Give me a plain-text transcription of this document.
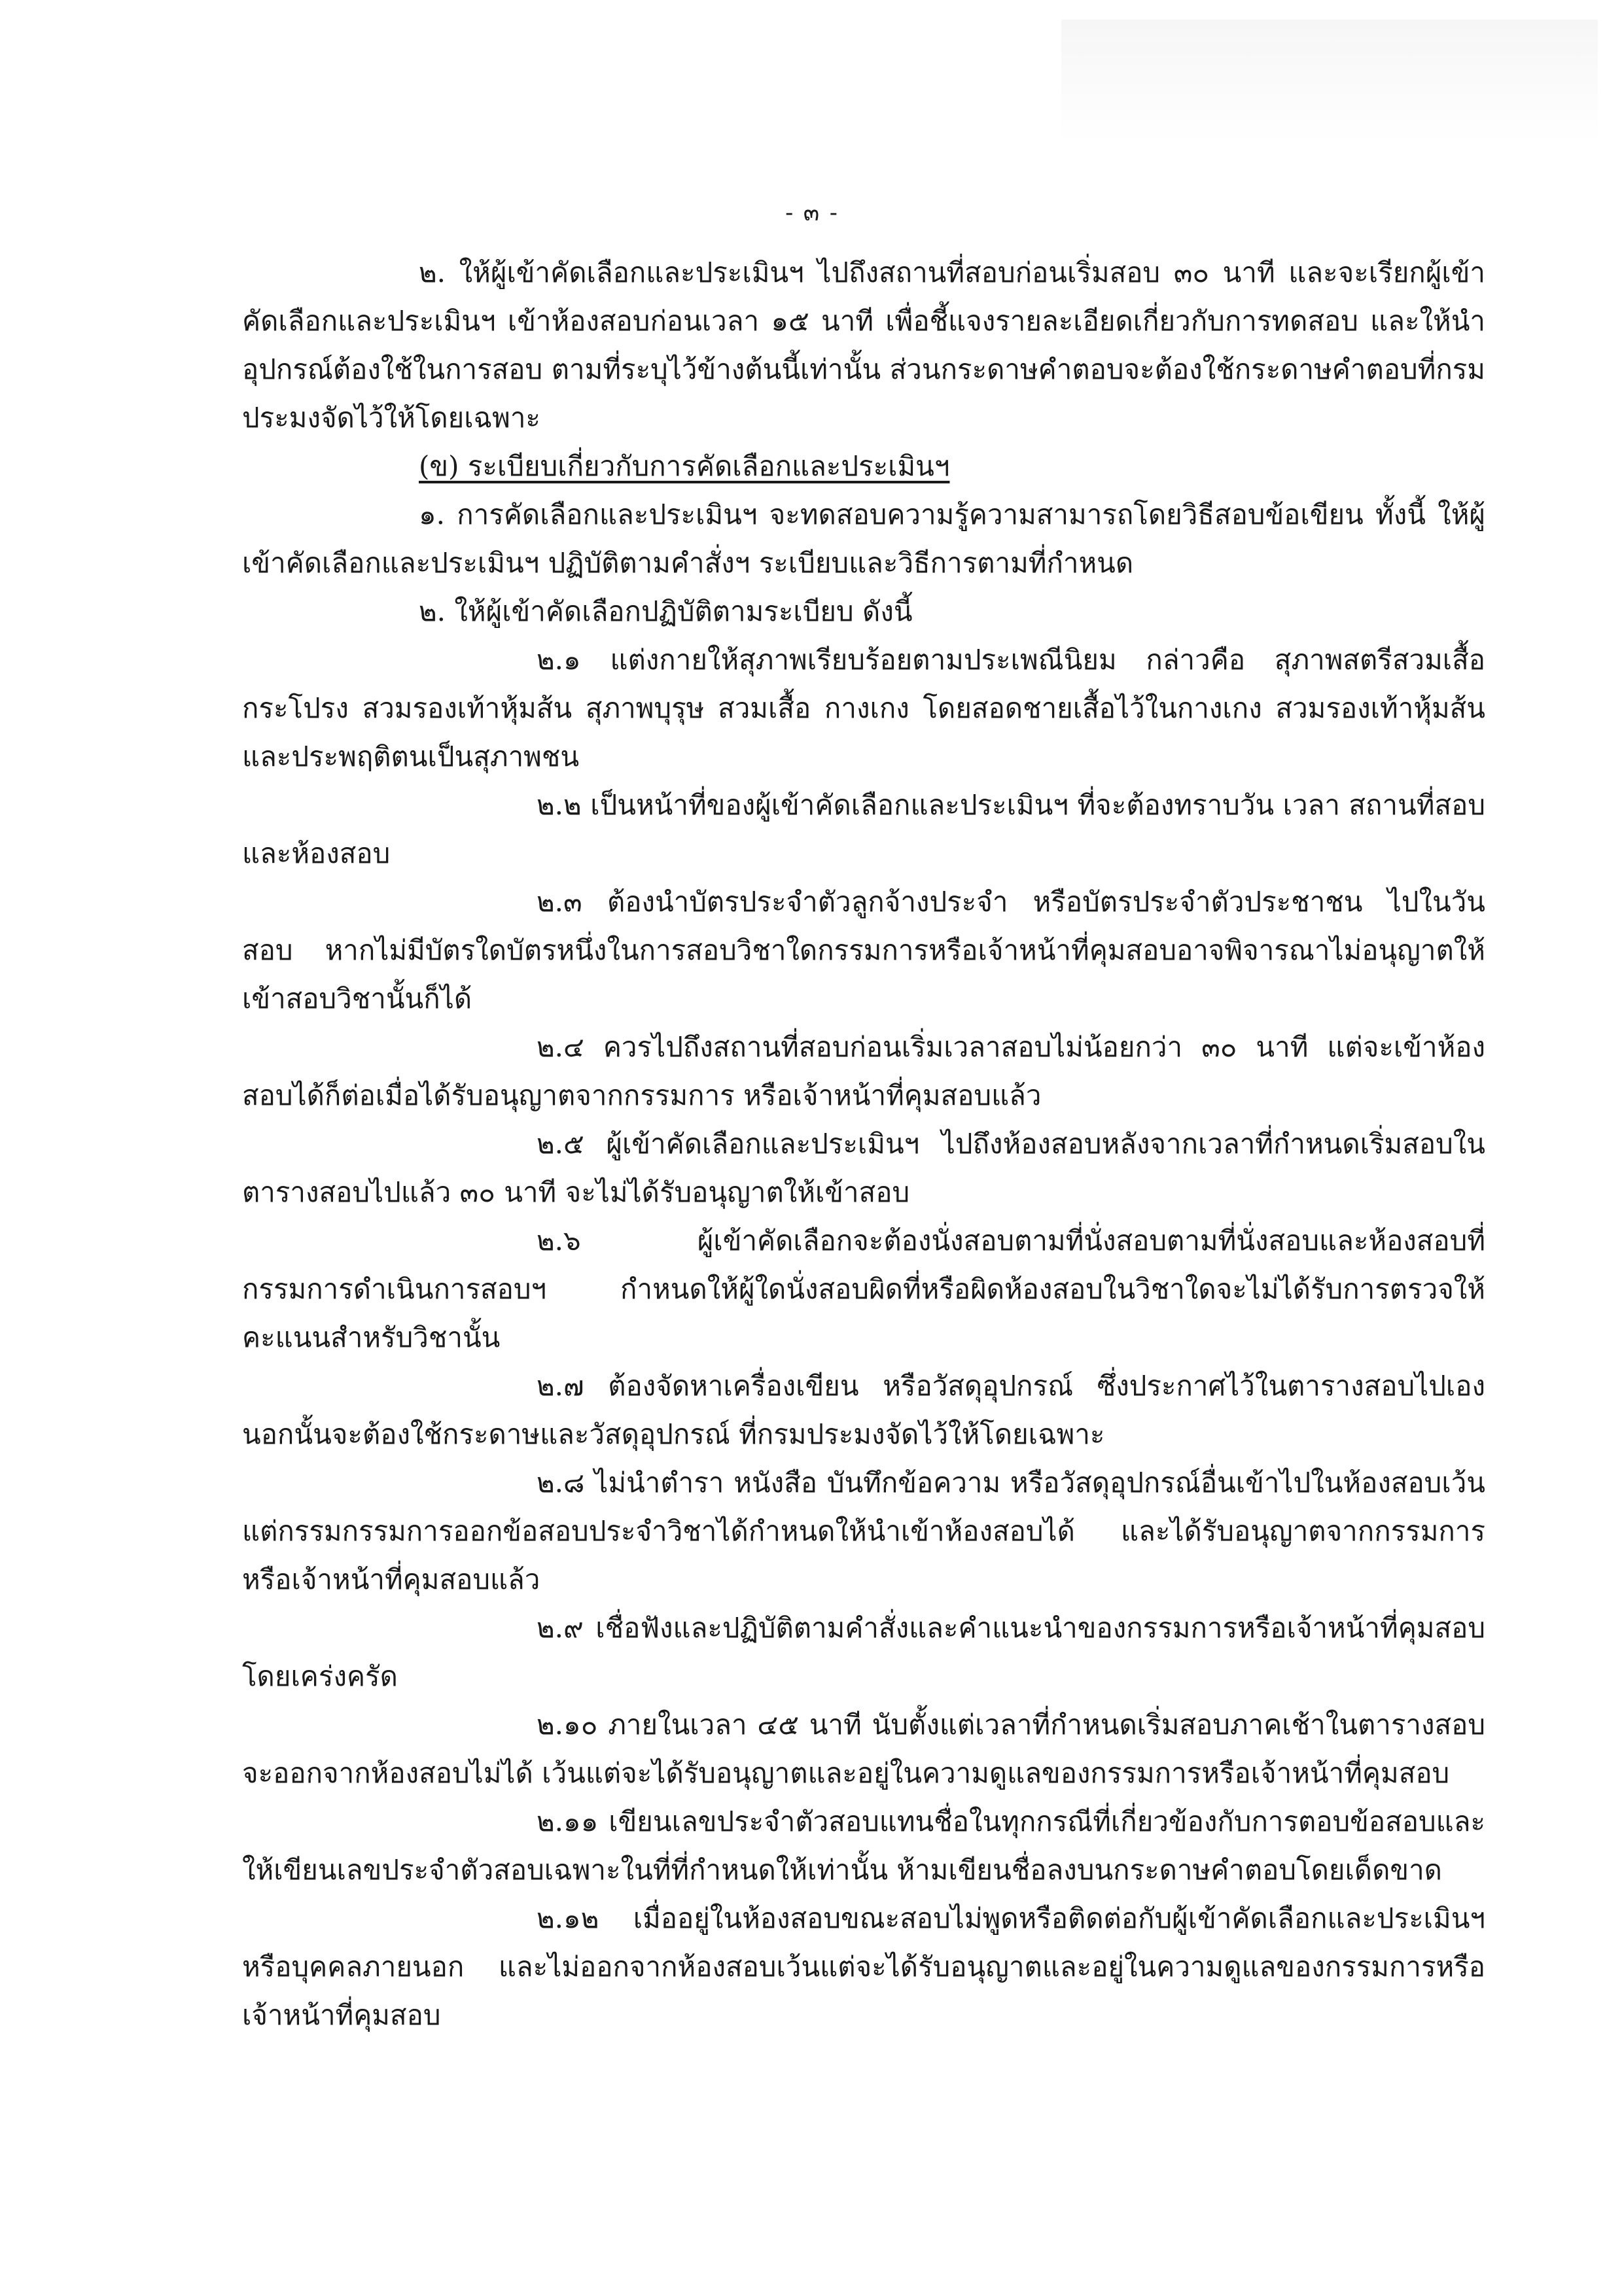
- ๓ -

๒. ให้ผู้เข้าคัดเลือกและประเมินฯ ไปถึงสถานที่สอบก่อนเริ่มสอบ ๓๐ นาที และจะเรียกผู้เข้าคัดเลือกและประเมินฯ เข้าห้องสอบก่อนเวลา ๑๕ นาที เพื่อชี้แจงรายละเอียดเกี่ยวกับการทดสอบ และให้นำอุปกรณ์ต้องใช้ในการสอบ ตามที่ระบุไว้ข้างต้นนี้เท่านั้น ส่วนกระดาษคำตอบจะต้องใช้กระดาษคำตอบที่กรมประมงจัดไว้ให้โดยเฉพาะ

(ข) ระเบียบเกี่ยวกับการคัดเลือกและประเมินฯ

๑. การคัดเลือกและประเมินฯ จะทดสอบความรู้ความสามารถโดยวิธีสอบข้อเขียน ทั้งนี้ ให้ผู้เข้าคัดเลือกและประเมินฯ ปฏิบัติตามคำสั่งฯ ระเบียบและวิธีการตามที่กำหนด

๒. ให้ผู้เข้าคัดเลือกปฏิบัติตามระเบียบ ดังนี้

๒.๑ แต่งกายให้สุภาพเรียบร้อยตามประเพณีนิยม กล่าวคือ สุภาพสตรีสวมเสื้อ กระโปรง สวมรองเท้าหุ้มส้น สุภาพบุรุษ สวมเสื้อ กางเกง โดยสอดชายเสื้อไว้ในกางเกง สวมรองเท้าหุ้มส้นและประพฤติตนเป็นสุภาพชน

๒.๒ เป็นหน้าที่ของผู้เข้าคัดเลือกและประเมินฯ ที่จะต้องทราบวัน เวลา สถานที่สอบและห้องสอบ

๒.๓ ต้องนำบัตรประจำตัวลูกจ้างประจำ หรือบัตรประจำตัวประชาชน ไปในวันสอบ หากไม่มีบัตรใดบัตรหนึ่งในการสอบวิชาใดกรรมการหรือเจ้าหน้าที่คุมสอบอาจพิจารณาไม่อนุญาตให้เข้าสอบวิชานั้นก็ได้

๒.๔ ควรไปถึงสถานที่สอบก่อนเริ่มเวลาสอบไม่น้อยกว่า ๓๐ นาที แต่จะเข้าห้องสอบได้ก็ต่อเมื่อได้รับอนุญาตจากกรรมการ หรือเจ้าหน้าที่คุมสอบแล้ว

๒.๕ ผู้เข้าคัดเลือกและประเมินฯ ไปถึงห้องสอบหลังจากเวลาที่กำหนดเริ่มสอบในตารางสอบไปแล้ว ๓๐ นาที จะไม่ได้รับอนุญาตให้เข้าสอบ

๒.๖ ผู้เข้าคัดเลือกจะต้องนั่งสอบตามที่นั่งสอบตามที่นั่งสอบและห้องสอบที่กรรมการดำเนินการสอบฯ กำหนดให้ผู้ใดนั่งสอบผิดที่หรือผิดห้องสอบในวิชาใดจะไม่ได้รับการตรวจให้คะแนนสำหรับวิชานั้น

๒.๗ ต้องจัดหาเครื่องเขียน หรือวัสดุอุปกรณ์ ซึ่งประกาศไว้ในตารางสอบไปเอง นอกนั้นจะต้องใช้กระดาษและวัสดุอุปกรณ์ ที่กรมประมงจัดไว้ให้โดยเฉพาะ

๒.๘ ไม่นำตำรา หนังสือ บันทึกข้อความ หรือวัสดุอุปกรณ์อื่นเข้าไปในห้องสอบเว้นแต่กรรมกรรมการออกข้อสอบประจำวิชาได้กำหนดให้นำเข้าห้องสอบได้ และได้รับอนุญาตจากกรรมการหรือเจ้าหน้าที่คุมสอบแล้ว

๒.๙ เชื่อฟังและปฏิบัติตามคำสั่งและคำแนะนำของกรรมการหรือเจ้าหน้าที่คุมสอบโดยเคร่งครัด

๒.๑๐ ภายในเวลา ๔๕ นาที นับตั้งแต่เวลาที่กำหนดเริ่มสอบภาคเช้าในตารางสอบ จะออกจากห้องสอบไม่ได้ เว้นแต่จะได้รับอนุญาตและอยู่ในความดูแลของกรรมการหรือเจ้าหน้าที่คุมสอบ

๒.๑๑ เขียนเลขประจำตัวสอบแทนชื่อในทุกกรณีที่เกี่ยวข้องกับการตอบข้อสอบและให้เขียนเลขประจำตัวสอบเฉพาะในที่ที่กำหนดให้เท่านั้น ห้ามเขียนชื่อลงบนกระดาษคำตอบโดยเด็ดขาด

๒.๑๒ เมื่ออยู่ในห้องสอบขณะสอบไม่พูดหรือติดต่อกับผู้เข้าคัดเลือกและประเมินฯ หรือบุคคลภายนอก และไม่ออกจากห้องสอบเว้นแต่จะได้รับอนุญาตและอยู่ในความดูแลของกรรมการหรือเจ้าหน้าที่คุมสอบ
